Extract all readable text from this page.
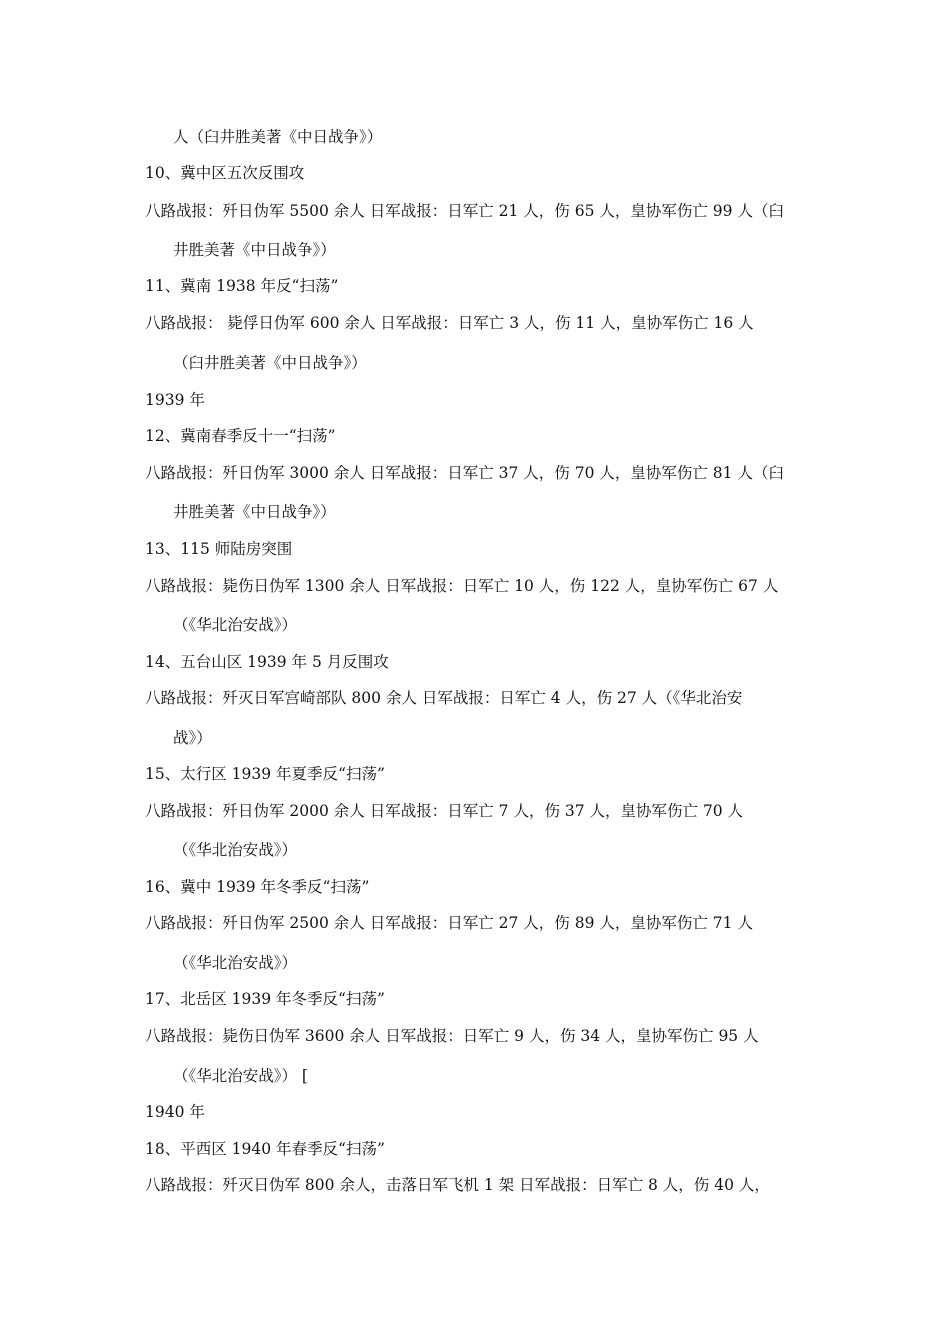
人（臼井胜美著《中日战争》）
10、冀中区五次反围攻
八路战报：歼日伪军 5500 余人 日军战报：日军亡 21 人，伤 65 人，皇协军伤亡 99 人（臼
井胜美著《中日战争》）
11、冀南 1938 年反“扫荡”
八路战报： 毙俘日伪军 600 余人 日军战报：日军亡 3 人，伤 11 人，皇协军伤亡 16 人
（臼井胜美著《中日战争》）
1939 年
12、冀南春季反十一“扫荡”
八路战报：歼日伪军 3000 余人 日军战报：日军亡 37 人，伤 70 人，皇协军伤亡 81 人（臼
井胜美著《中日战争》）
13、115 师陆房突围
八路战报：毙伤日伪军 1300 余人 日军战报：日军亡 10 人，伤 122 人，皇协军伤亡 67 人
（《华北治安战》）
14、五台山区 1939 年 5 月反围攻
八路战报：歼灭日军宫崎部队 800 余人 日军战报：日军亡 4 人，伤 27 人（《华北治安
战》）
15、太行区 1939 年夏季反“扫荡”
八路战报：歼日伪军 2000 余人 日军战报：日军亡 7 人，伤 37 人，皇协军伤亡 70 人
（《华北治安战》）
16、冀中 1939 年冬季反“扫荡”
八路战报：歼日伪军 2500 余人 日军战报：日军亡 27 人，伤 89 人，皇协军伤亡 71 人
（《华北治安战》）
17、北岳区 1939 年冬季反“扫荡”
八路战报：毙伤日伪军 3600 余人 日军战报：日军亡 9 人，伤 34 人，皇协军伤亡 95 人
（《华北治安战》） [
1940 年
18、平西区 1940 年春季反“扫荡”
八路战报：歼灭日伪军 800 余人，击落日军飞机 1 架 日军战报：日军亡 8 人，伤 40 人，
